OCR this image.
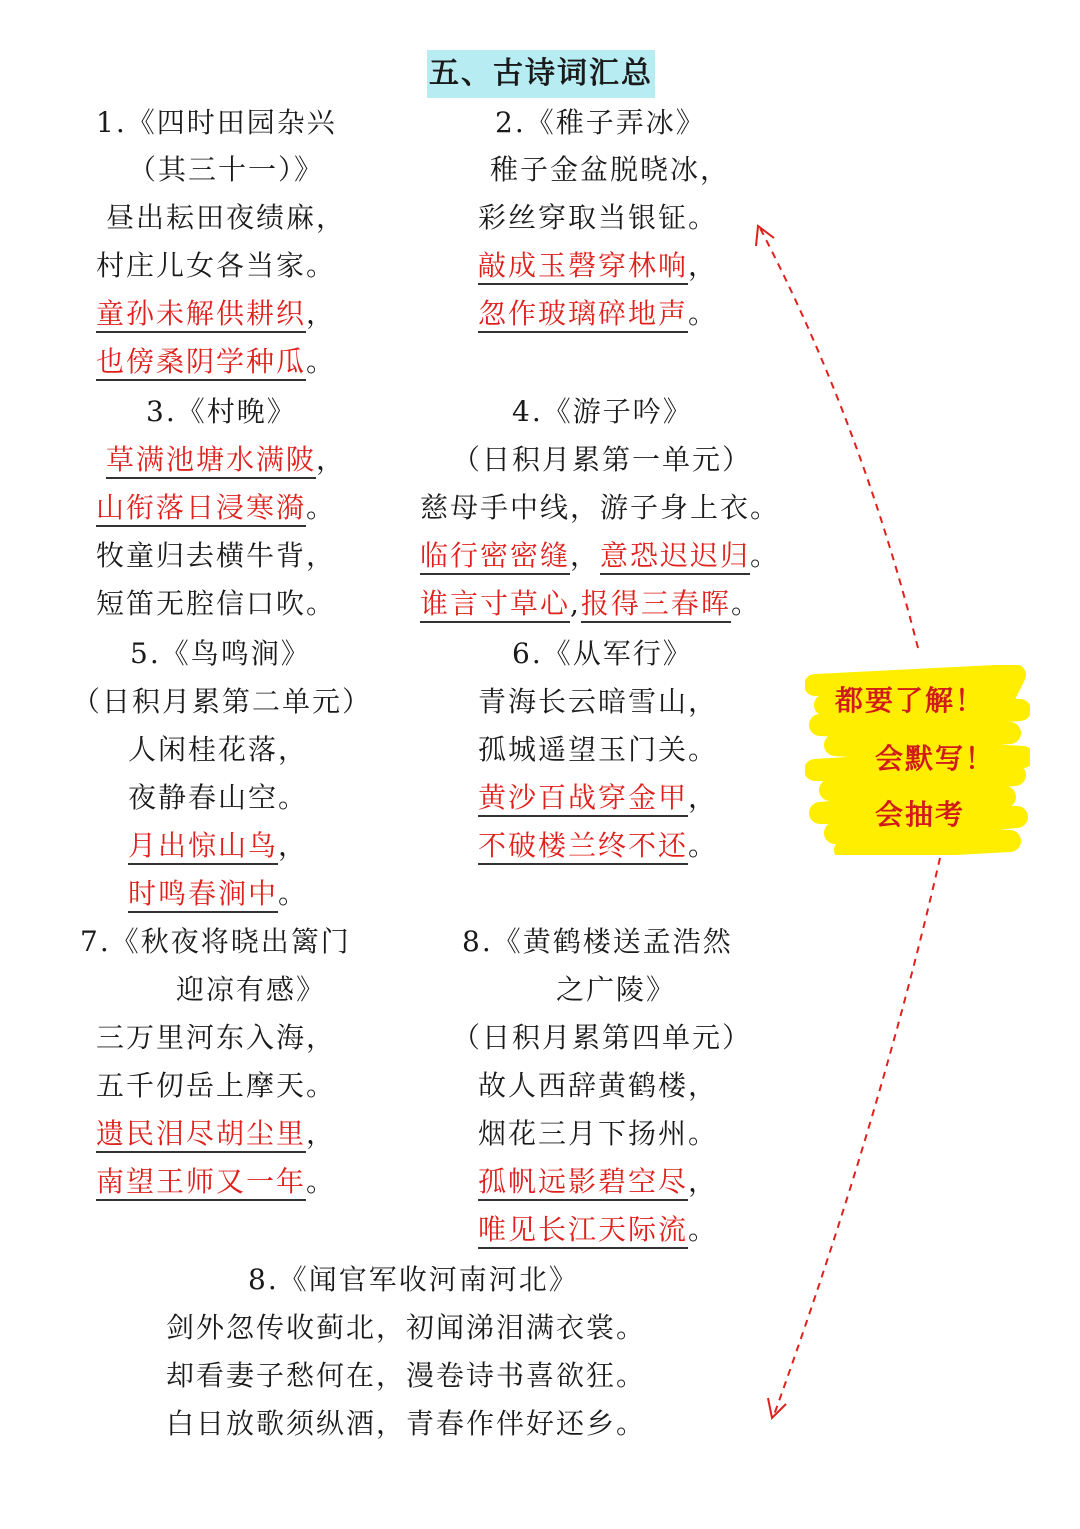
五、古诗词汇总
1.《四时田园杂兴
（其三十一）》
昼出耘田夜绩麻，
村庄儿女各当家。
童孙未解供耕织，
也傍桑阴学种瓜。
2.《稚子弄冰》
稚子金盆脱晓冰，
彩丝穿取当银钲。
敲成玉磬穿林响，
忽作玻璃碎地声。
3.《村晚》
草满池塘水满陂，
山衔落日浸寒漪。
牧童归去横牛背，
短笛无腔信口吹。
4.《游子吟》
（日积月累第一单元）
慈母手中线，游子身上衣。
临行密密缝，意恐迟迟归。
谁言寸草心,报得三春晖。
5.《鸟鸣涧》
（日积月累第二单元）
人闲桂花落，
夜静春山空。
月出惊山鸟，
时鸣春涧中。
6.《从军行》
青海长云暗雪山，
孤城遥望玉门关。
黄沙百战穿金甲，
不破楼兰终不还。
7.《秋夜将晓出篱门
迎凉有感》
三万里河东入海，
五千仞岳上摩天。
遗民泪尽胡尘里，
南望王师又一年。
8.《黄鹤楼送孟浩然
之广陵》
（日积月累第四单元）
故人西辞黄鹤楼，
烟花三月下扬州。
孤帆远影碧空尽，
唯见长江天际流。
8.《闻官军收河南河北》
剑外忽传收蓟北，初闻涕泪满衣裳。
却看妻子愁何在，漫卷诗书喜欲狂。
白日放歌须纵酒，青春作伴好还乡。
都要了解！
会默写！
会抽考
